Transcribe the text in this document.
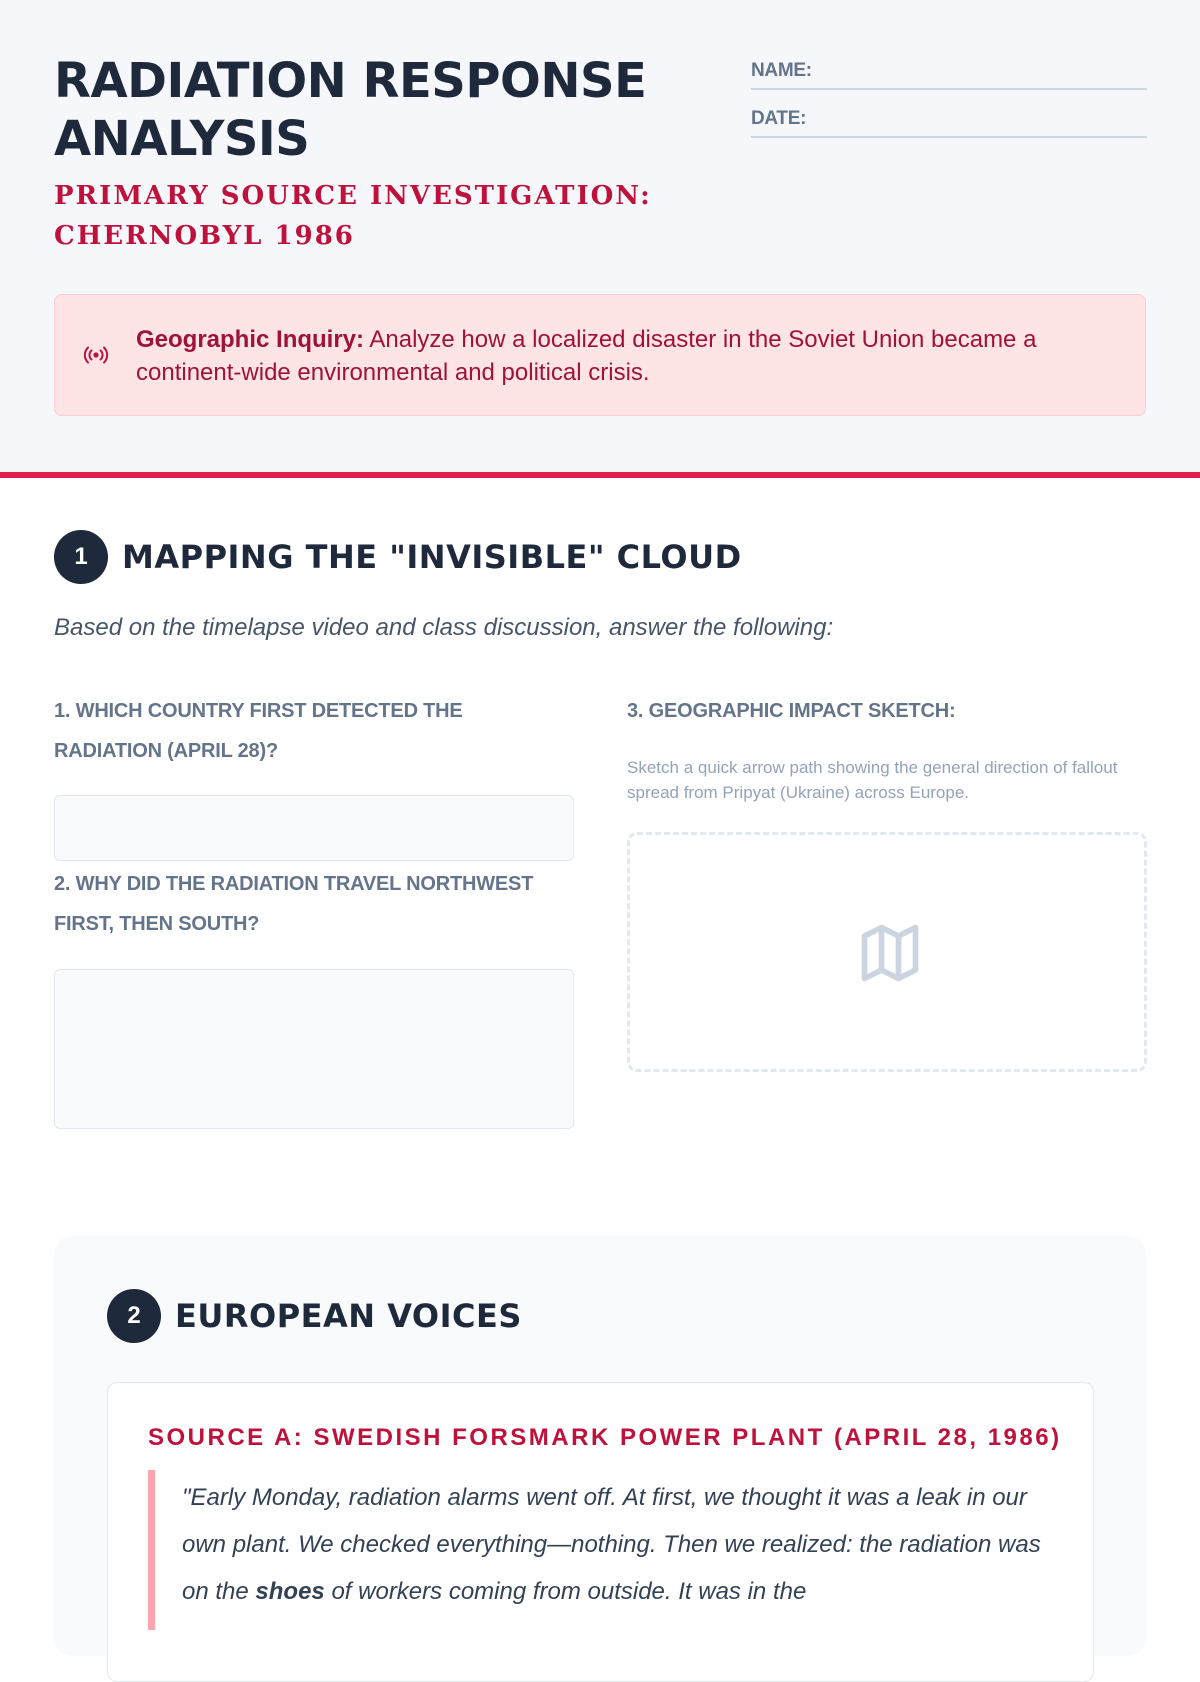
RADIATION RESPONSE ANALYSIS
PRIMARY SOURCE INVESTIGATION: CHERNOBYL 1986
NAME:
DATE:

Geographic Inquiry: Analyze how a localized disaster in the Soviet Union became a continent-wide environmental and political crisis.

1	MAPPING THE "INVISIBLE" CLOUD

Based on the timelapse video and class discussion, answer the following:

1. WHICH COUNTRY FIRST DETECTED THE RADIATION (APRIL 28)?

2. WHY DID THE RADIATION TRAVEL NORTHWEST FIRST, THEN SOUTH?

3. GEOGRAPHIC IMPACT SKETCH:

Sketch a quick arrow path showing the general direction of fallout spread from Pripyat (Ukraine) across Europe.

2	EUROPEAN VOICES

SOURCE A: SWEDISH FORSMARK POWER PLANT (APRIL 28, 1986)

"Early Monday, radiation alarms went off. At first, we thought it was a leak in our own plant. We checked everything—nothing. Then we realized: the radiation was on the shoes of workers coming from outside. It was in the
